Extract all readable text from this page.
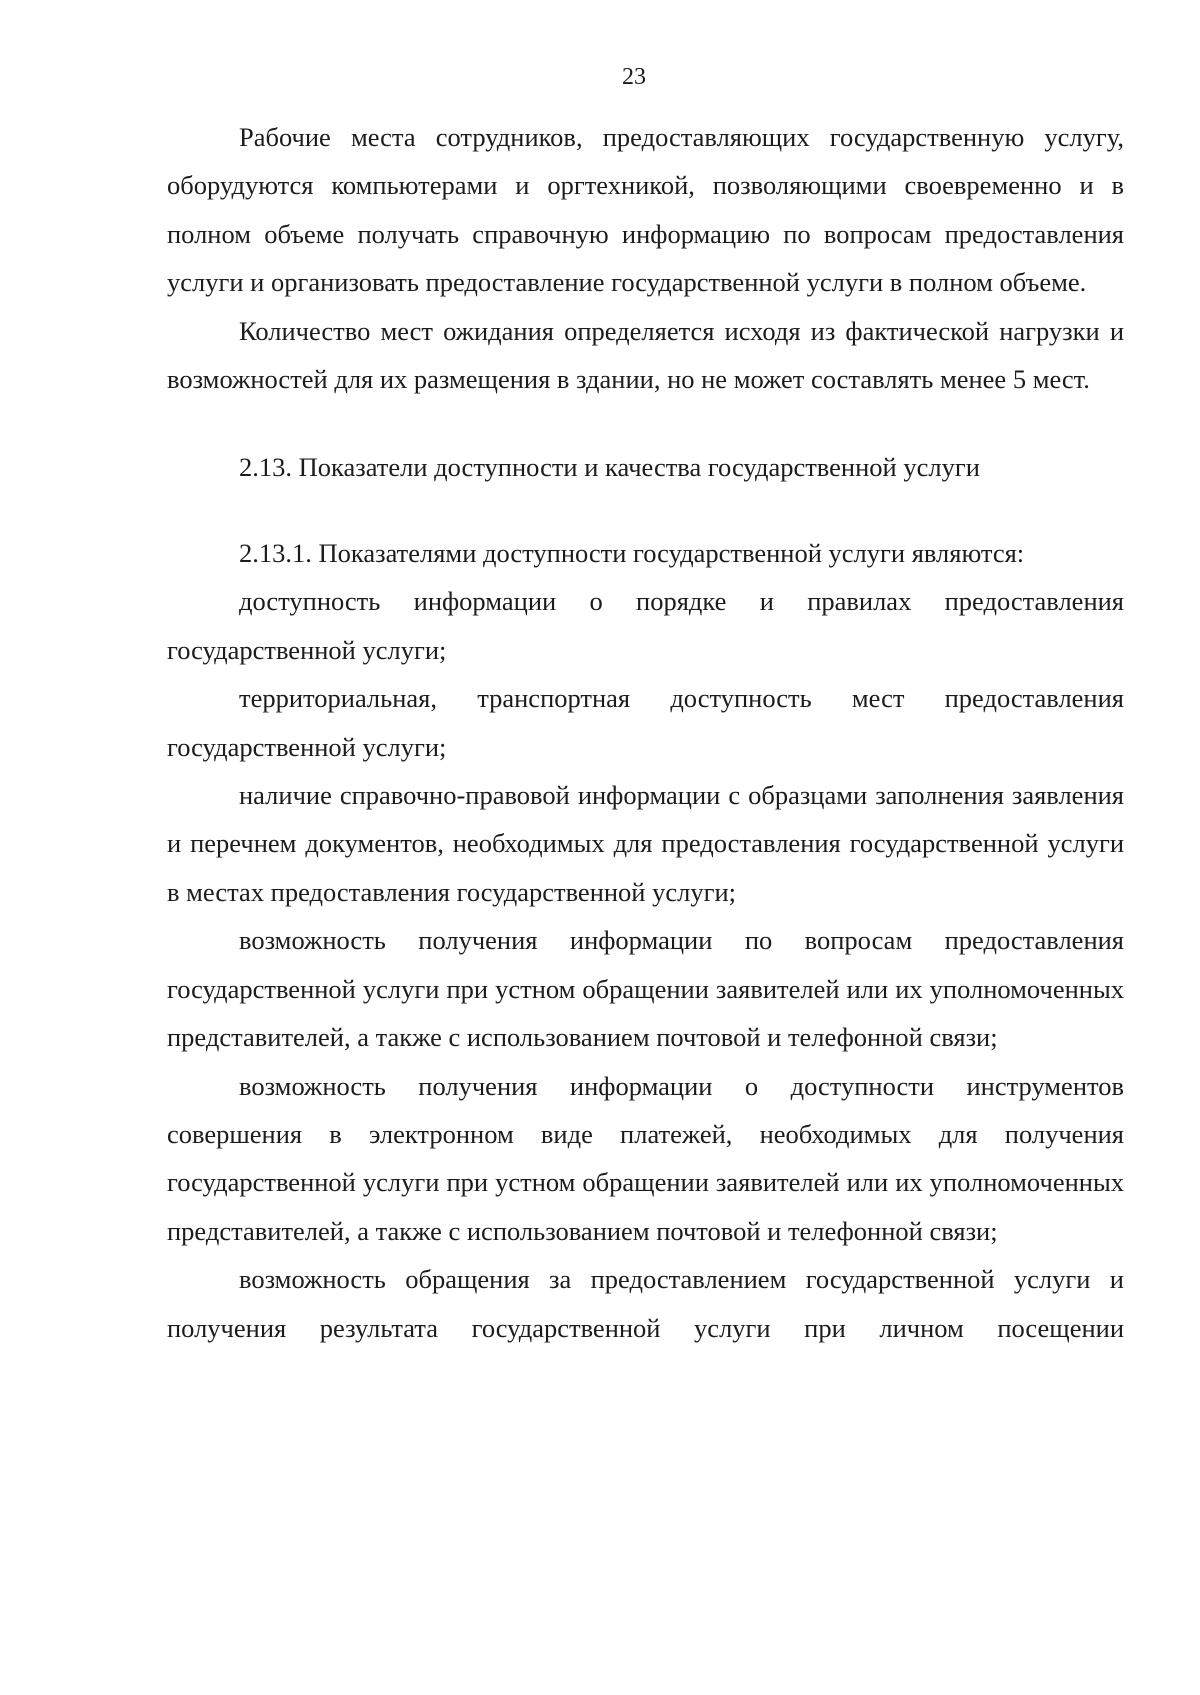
23

Рабочие места сотрудников, предоставляющих государственную услугу, оборудуются компьютерами и оргтехникой, позволяющими своевременно и в полном объеме получать справочную информацию по вопросам предоставления услуги и организовать предоставление государственной услуги в полном объеме.

Количество мест ожидания определяется исходя из фактической нагрузки и возможностей для их размещения в здании, но не может составлять менее 5 мест.

2.13. Показатели доступности и качества государственной услуги

2.13.1. Показателями доступности государственной услуги являются:

доступность информации о порядке и правилах предоставления государственной услуги;

территориальная, транспортная доступность мест предоставления государственной услуги;

наличие справочно-правовой информации с образцами заполнения заявления и перечнем документов, необходимых для предоставления государственной услуги в местах предоставления государственной услуги;

возможность получения информации по вопросам предоставления государственной услуги при устном обращении заявителей или их уполномоченных представителей, а также с использованием почтовой и телефонной связи;

возможность получения информации о доступности инструментов совершения в электронном виде платежей, необходимых для получения государственной услуги при устном обращении заявителей или их уполномоченных представителей, а также с использованием почтовой и телефонной связи;

возможность обращения за предоставлением государственной услуги и получения результата государственной услуги при личном посещении
